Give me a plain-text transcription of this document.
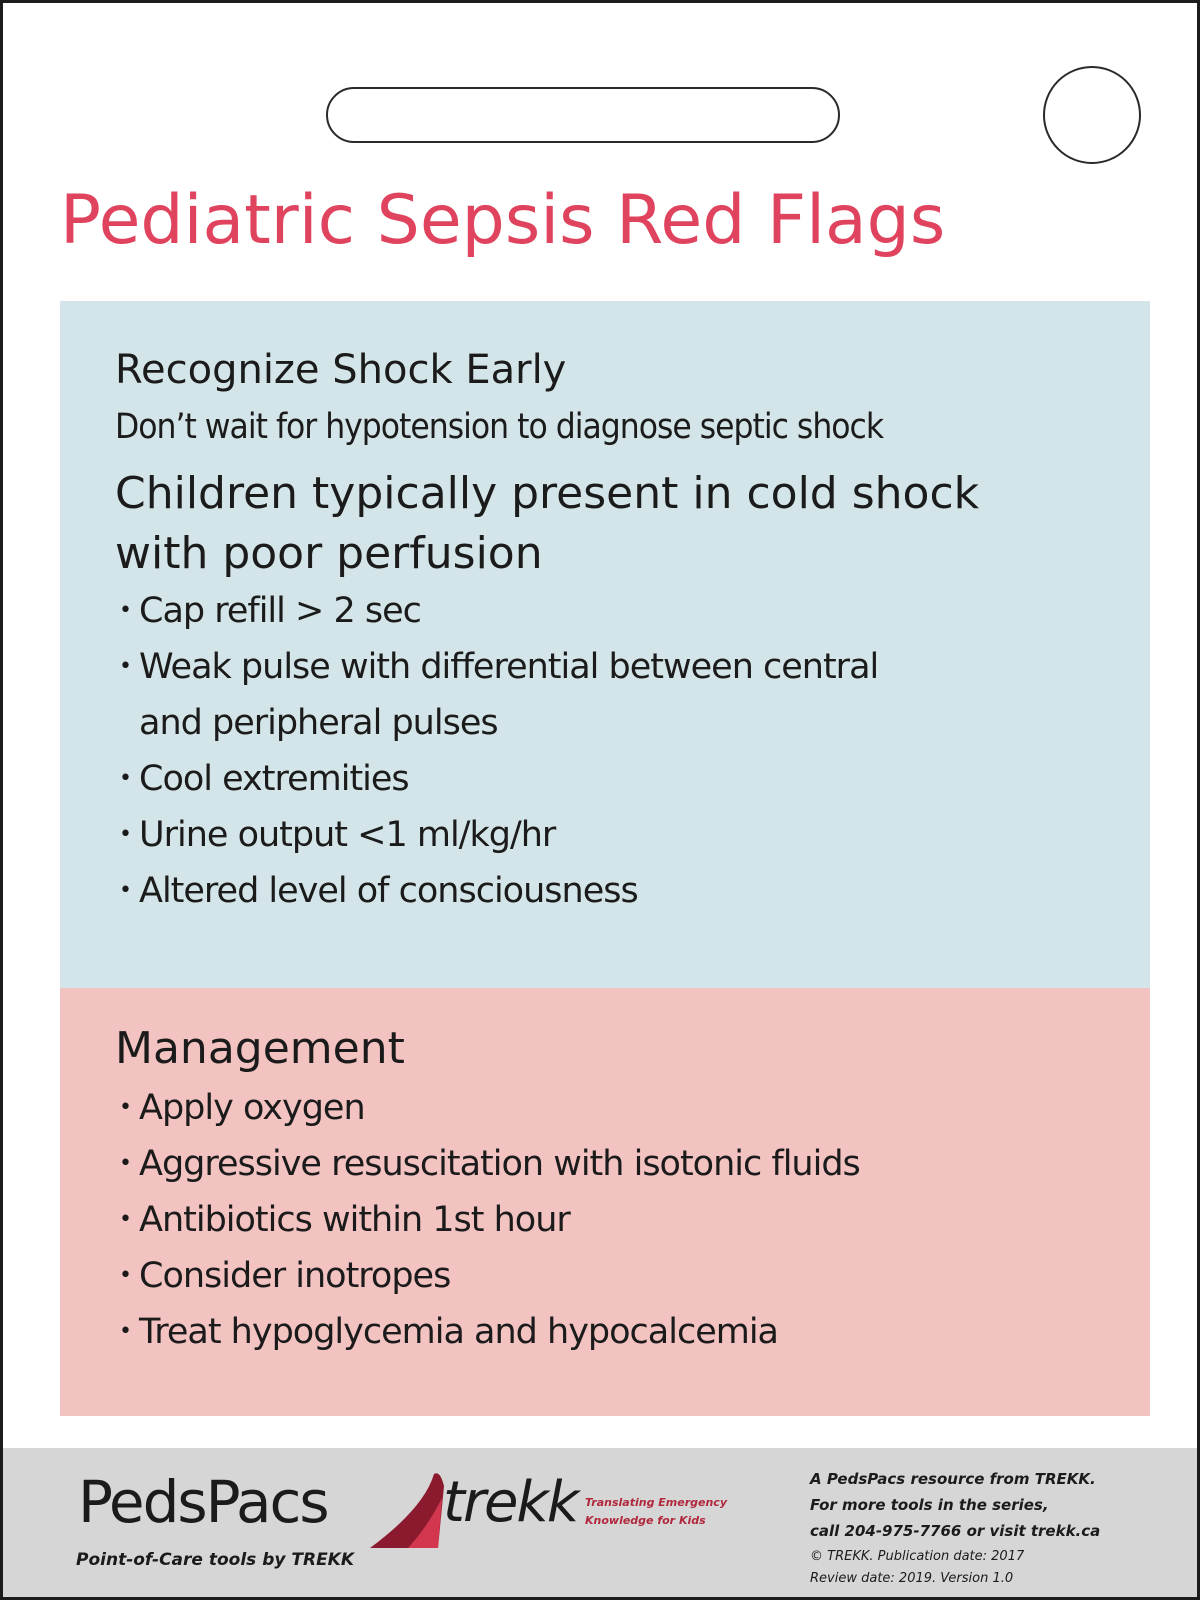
Pediatric Sepsis Red Flags

Recognize Shock Early

Don’t wait for hypotension to diagnose septic shock

Children typically present in cold shock

with poor perfusion

• Cap refill > 2 sec
• Weak pulse with differential between central
and peripheral pulses
• Cool extremities
• Urine output <1 ml/kg/hr
• Altered level of consciousness

Management

• Apply oxygen
• Aggressive resuscitation with isotonic fluids
• Antibiotics within 1st hour
• Consider inotropes
• Treat hypoglycemia and hypocalcemia
PedsPacs
Point-of-Care tools by TREKK
trekk Translating Emergency
Knowledge for Kids
A PedsPacs resource from TREKK.
For more tools in the series,
call 204-975-7766 or visit trekk.ca
© TREKK. Publication date: 2017
Review date: 2019. Version 1.0
